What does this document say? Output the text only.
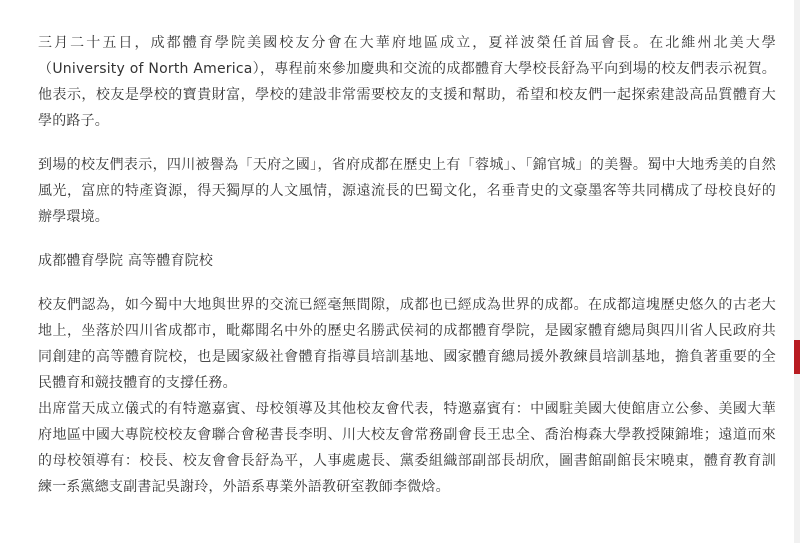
三月二十五日，成都體育學院美國校友分會在大華府地區成立，夏祥波榮任首屆會長。在北維州北美大學（University of North America），專程前來參加慶典和交流的成都體育大學校長舒為平向到場的校友們表示祝賀。他表示，校友是學校的寶貴財富，學校的建設非常需要校友的支援和幫助，希望和校友們一起探索建設高品質體育大學的路子。

到場的校友們表示，四川被譽為「天府之國」，省府成都在歷史上有「蓉城」、「錦官城」的美譽。蜀中大地秀美的自然風光，富庶的特產資源，得天獨厚的人文風情，源遠流長的巴蜀文化，名垂青史的文豪墨客等共同構成了母校良好的辦學環境。

成都體育學院 高等體育院校

校友們認為，如今蜀中大地與世界的交流已經毫無間隙，成都也已經成為世界的成都。在成都這塊歷史悠久的古老大地上，坐落於四川省成都市，毗鄰聞名中外的歷史名勝武侯祠的成都體育學院，是國家體育總局與四川省人民政府共同創建的高等體育院校，也是國家級社會體育指導員培訓基地、國家體育總局援外教練員培訓基地，擔負著重要的全民體育和競技體育的支撐任務。

出席當天成立儀式的有特邀嘉賓、母校領導及其他校友會代表，特邀嘉賓有：中國駐美國大使館唐立公參、美國大華府地區中國大專院校校友會聯合會秘書長李明、川大校友會常務副會長王忠全、喬治梅森大學教授陳錦堆；遠道而來的母校領導有：校長、校友會會長舒為平，人事處處長、黨委組織部副部長胡欣，圖書館副館長宋曉東，體育教育訓練一系黨總支副書記吳謝玲，外語系專業外語教研室教師李微焓。
